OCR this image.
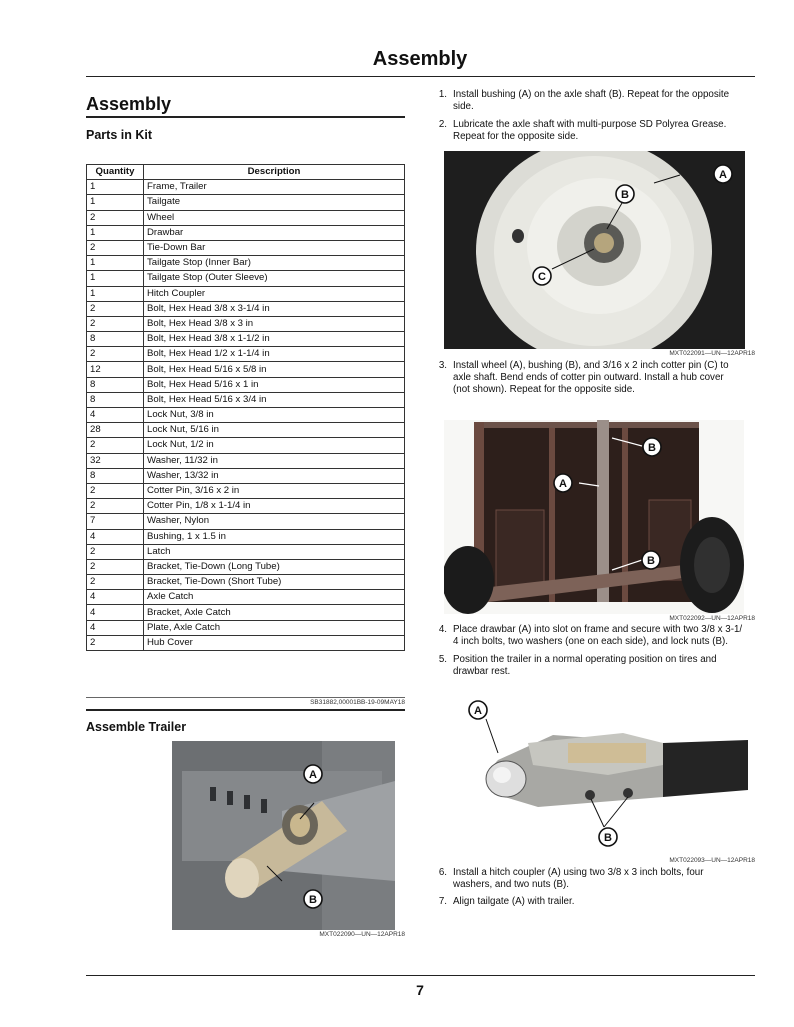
Assembly
Assembly
Parts in Kit
Quantity	Description
1	Frame, Trailer
1	Tailgate
2	Wheel
1	Drawbar
2	Tie-Down Bar
1	Tailgate Stop (Inner Bar)
1	Tailgate Stop (Outer Sleeve)
1	Hitch Coupler
2	Bolt, Hex Head 3/8 x 3-1/4 in
2	Bolt, Hex Head 3/8 x 3 in
8	Bolt, Hex Head 3/8 x 1-1/2 in
2	Bolt, Hex Head 1/2 x 1-1/4 in
12	Bolt, Hex Head 5/16 x 5/8 in
8	Bolt, Hex Head 5/16 x 1 in
8	Bolt, Hex Head 5/16 x 3/4 in
4	Lock Nut, 3/8 in
28	Lock Nut, 5/16 in
2	Lock Nut, 1/2 in
32	Washer, 11/32 in
8	Washer, 13/32 in
2	Cotter Pin, 3/16 x 2 in
2	Cotter Pin, 1/8 x 1-1/4 in
7	Washer, Nylon
4	Bushing, 1 x 1.5 in
2	Latch
2	Bracket, Tie-Down (Long Tube)
2	Bracket, Tie-Down (Short Tube)
4	Axle Catch
4	Bracket, Axle Catch
4	Plate, Axle Catch
2	Hub Cover
SB31882,00001BB-19-09MAY18
Assemble Trailer
A
B
MXT022090—UN—12APR18
1. Install bushing (A) on the axle shaft (B). Repeat for the opposite
side.
2. Lubricate the axle shaft with multi-purpose SD Polyrea Grease.
Repeat for the opposite side.
A
B
C
MXT022091—UN—12APR18
3. Install wheel (A), bushing (B), and 3/16 x 2 inch cotter pin (C) to
axle shaft. Bend ends of cotter pin outward. Install a hub cover
(not shown). Repeat for the opposite side.
B
A
B
MXT022092—UN—12APR18
4. Place drawbar (A) into slot on frame and secure with two 3/8 x 3-1/
4 inch bolts, two washers (one on each side), and lock nuts (B).
5. Position the trailer in a normal operating position on tires and
drawbar rest.
A
B
MXT022093—UN—12APR18
6. Install a hitch coupler (A) using two 3/8 x 3 inch bolts, four
washers, and two nuts (B).
7. Align tailgate (A) with trailer.
7
